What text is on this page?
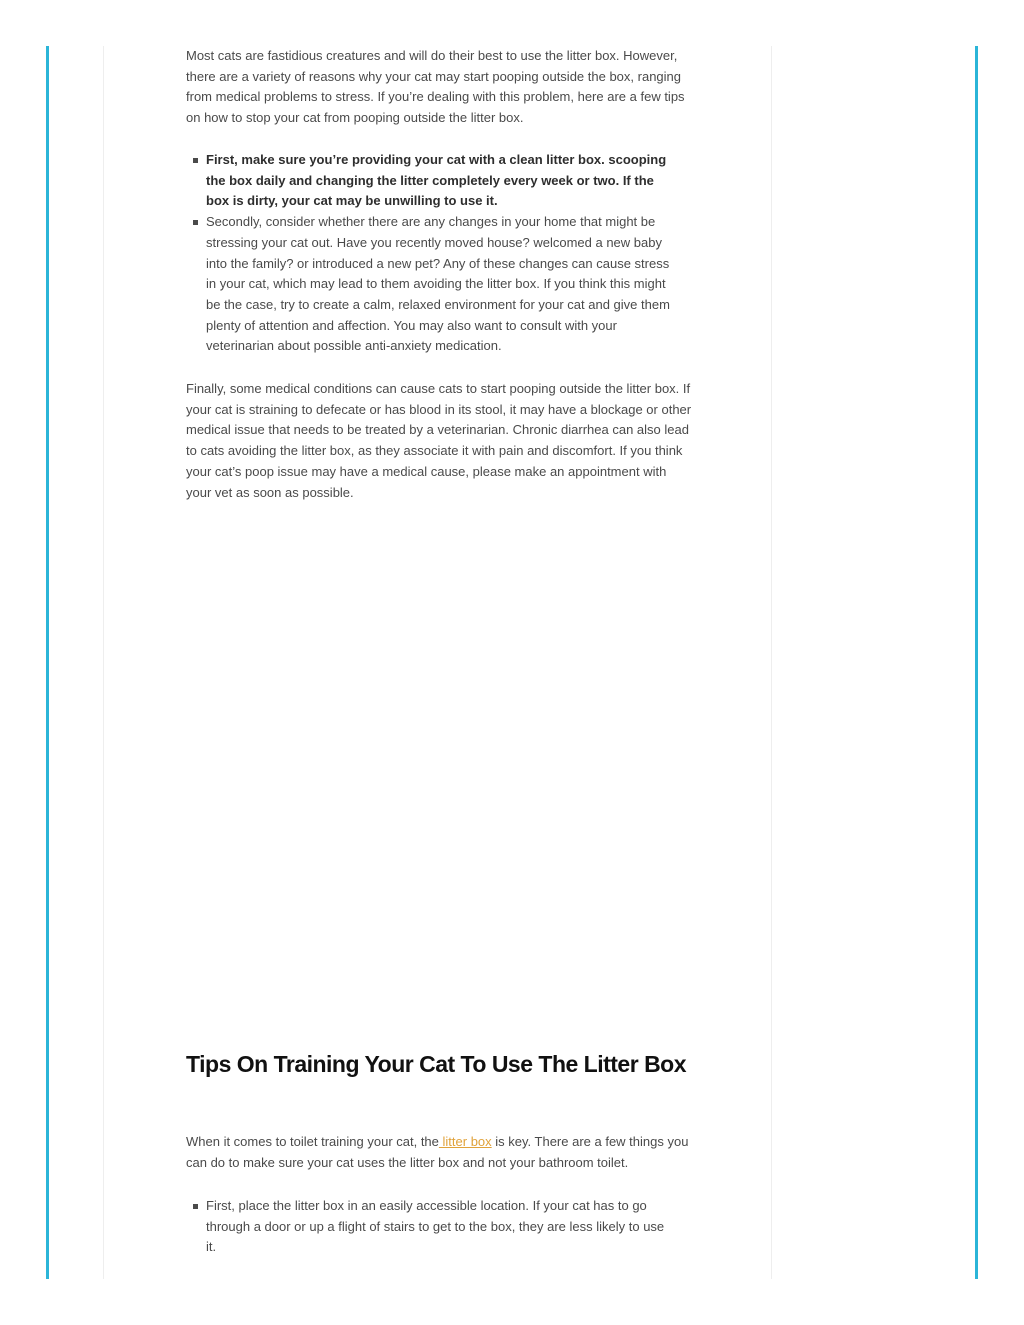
Most cats are fastidious creatures and will do their best to use the litter box. However, there are a variety of reasons why your cat may start pooping outside the box, ranging from medical problems to stress. If you’re dealing with this problem, here are a few tips on how to stop your cat from pooping outside the litter box.

First, make sure you’re providing your cat with a clean litter box. scooping the box daily and changing the litter completely every week or two. If the box is dirty, your cat may be unwilling to use it.
Secondly, consider whether there are any changes in your home that might be stressing your cat out. Have you recently moved house? welcomed a new baby into the family? or introduced a new pet? Any of these changes can cause stress in your cat, which may lead to them avoiding the litter box. If you think this might be the case, try to create a calm, relaxed environment for your cat and give them plenty of attention and affection. You may also want to consult with your veterinarian about possible anti-anxiety medication.

Finally, some medical conditions can cause cats to start pooping outside the litter box. If your cat is straining to defecate or has blood in its stool, it may have a blockage or other medical issue that needs to be treated by a veterinarian. Chronic diarrhea can also lead to cats avoiding the litter box, as they associate it with pain and discomfort. If you think your cat’s poop issue may have a medical cause, please make an appointment with your vet as soon as possible.

Tips On Training Your Cat To Use The Litter Box

When it comes to toilet training your cat, the litter box is key. There are a few things you can do to make sure your cat uses the litter box and not your bathroom toilet.

First, place the litter box in an easily accessible location. If your cat has to go through a door or up a flight of stairs to get to the box, they are less likely to use it.
